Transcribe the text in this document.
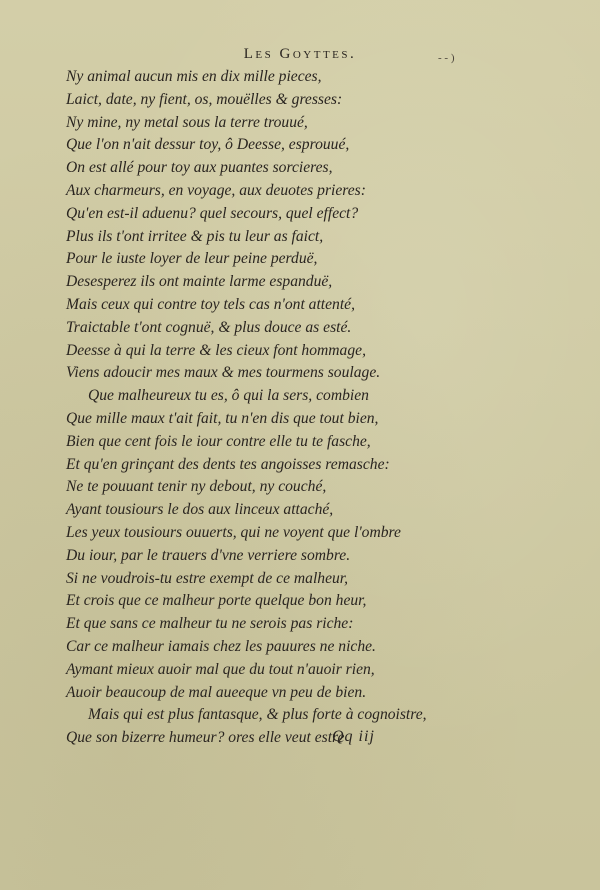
Les Goyttes.	- - )
Ny animal aucun mis en dix mille pieces,
Laict, date, ny fient, os, mouëlles & gresses:
Ny mine, ny metal sous la terre trouué,
Que l'on n'ait dessur toy, ô Deesse, esprouué,
On est allé pour toy aux puantes sorcieres,
Aux charmeurs, en voyage, aux deuotes prieres:
Qu'en est-il aduenu? quel secours, quel effect?
Plus ils t'ont irritee & pis tu leur as faict,
Pour le iuste loyer de leur peine perduë,
Desesperez ils ont mainte larme espanduë,
Mais ceux qui contre toy tels cas n'ont attenté,
Traictable t'ont cognuë, & plus douce as esté.
Deesse à qui la terre & les cieux font hommage,
Viens adoucir mes maux & mes tourmens soulage.
Que malheureux tu es, ô qui la sers, combien
Que mille maux t'ait fait, tu n'en dis que tout bien,
Bien que cent fois le iour contre elle tu te fasche,
Et qu'en grinçant des dents tes angoisses remasche:
Ne te pouuant tenir ny debout, ny couché,
Ayant tousiours le dos aux linceux attaché,
Les yeux tousiours ouuerts, qui ne voyent que l'ombre
Du iour, par le trauers d'vne verriere sombre.
Si ne voudrois-tu estre exempt de ce malheur,
Et crois que ce malheur porte quelque bon heur,
Et que sans ce malheur tu ne serois pas riche:
Car ce malheur iamais chez les pauures ne niche.
Aymant mieux auoir mal que du tout n'auoir rien,
Auoir beaucoup de mal aueeque vn peu de bien.
Mais qui est plus fantasque, & plus forte à cognoistre,
Que son bizerre humeur? ores elle veut estre
Qq iij
